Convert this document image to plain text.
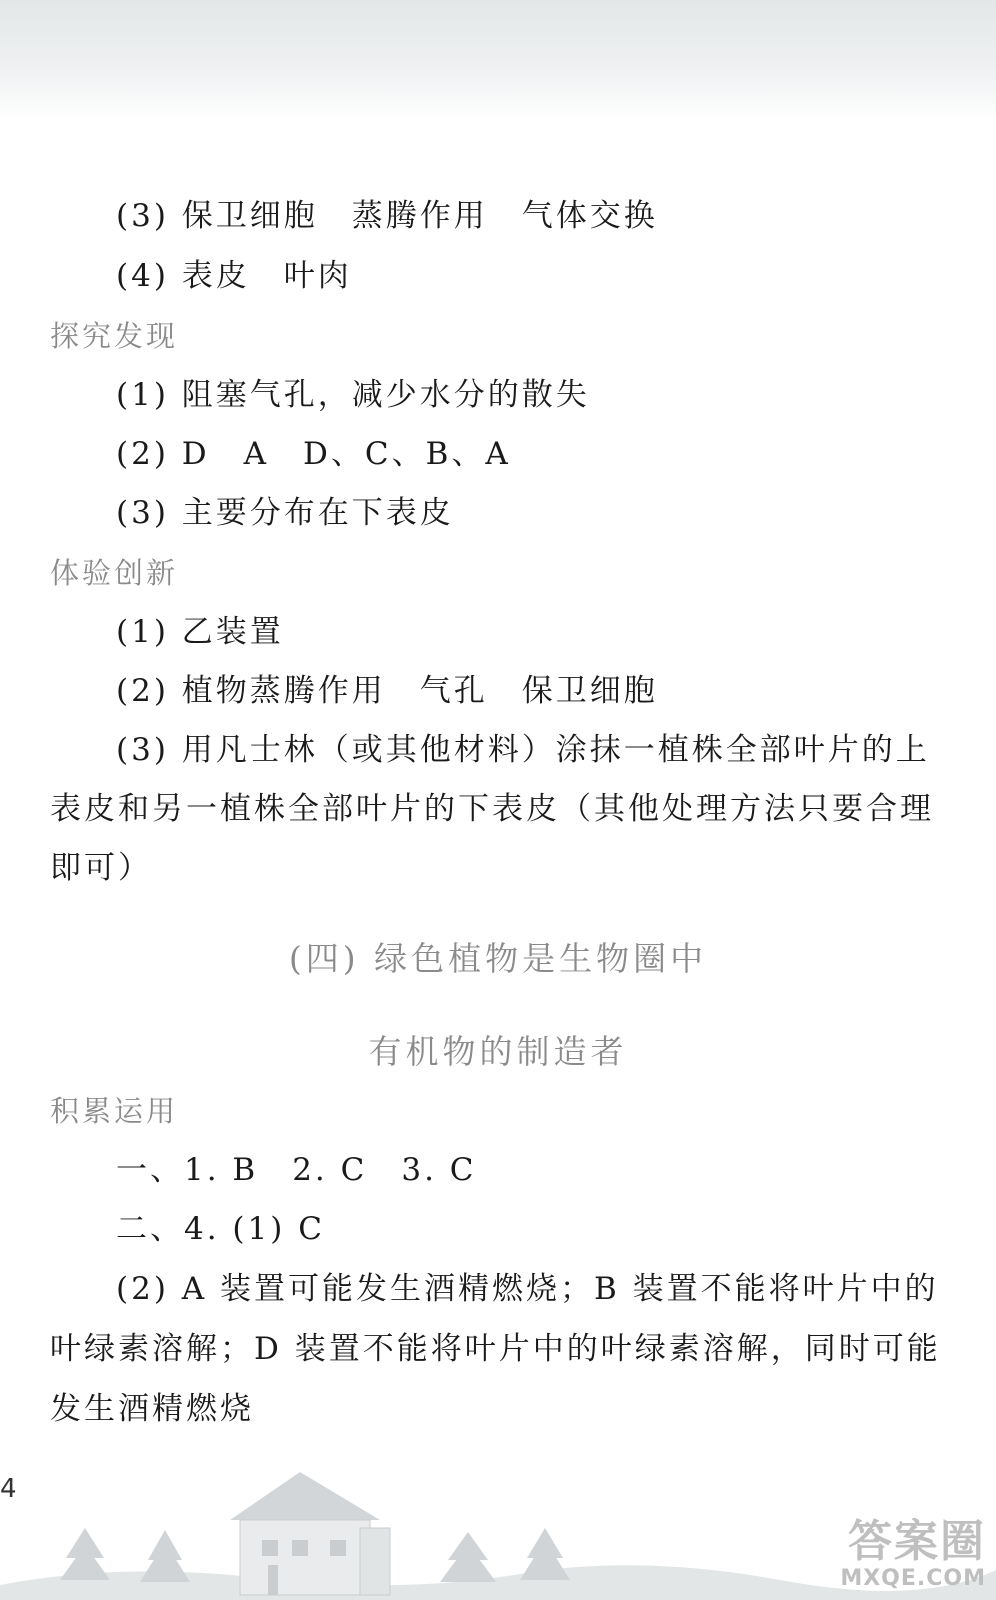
(3) 保卫细胞　蒸腾作用　气体交换
(4) 表皮　叶肉
探究发现
(1) 阻塞气孔，减少水分的散失
(2) D　A　D、C、B、A
(3) 主要分布在下表皮
体验创新
(1) 乙装置
(2) 植物蒸腾作用　气孔　保卫细胞
(3) 用凡士林（或其他材料）涂抹一植株全部叶片的上
表皮和另一植株全部叶片的下表皮（其他处理方法只要合理
即可）
(四) 绿色植物是生物圈中
有机物的制造者
积累运用
一、1. B　2. C　3. C
二、4. (1) C
(2) A 装置可能发生酒精燃烧；B 装置不能将叶片中的
叶绿素溶解；D 装置不能将叶片中的叶绿素溶解，同时可能
发生酒精燃烧
4
答案圈
MXQE.COM
